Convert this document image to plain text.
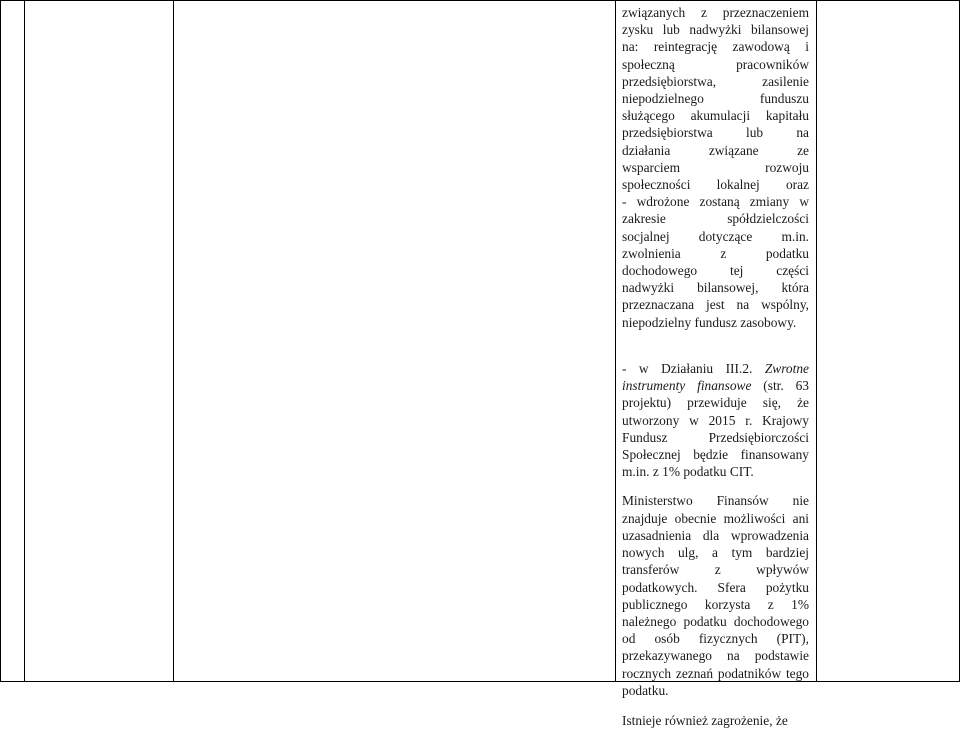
związanych z przeznaczeniem
zysku lub nadwyżki bilansowej
na: reintegrację zawodową i
społeczną pracowników
przedsiębiorstwa, zasilenie
niepodzielnego funduszu
służącego akumulacji kapitału
przedsiębiorstwa lub na
działania związane ze
wsparciem rozwoju
społeczności lokalnej oraz
- wdrożone zostaną zmiany w
zakresie spółdzielczości
socjalnej dotyczące m.in.
zwolnienia z podatku
dochodowego tej części
nadwyżki bilansowej, która
przeznaczana jest na wspólny,
niepodzielny fundusz zasobowy.

- w Działaniu III.2. Zwrotne instrumenty finansowe (str. 63 projektu) przewiduje się, że utworzony w 2015 r. Krajowy Fundusz Przedsiębiorczości Społecznej będzie finansowany m.in. z 1% podatku CIT.

Ministerstwo Finansów nie znajduje obecnie możliwości ani uzasadnienia dla wprowadzenia nowych ulg, a tym bardziej transferów z wpływów podatkowych. Sfera pożytku publicznego korzysta z 1% należnego podatku dochodowego od osób fizycznych (PIT), przekazywanego na podstawie rocznych zeznań podatników tego podatku.

Istnieje również zagrożenie, że
